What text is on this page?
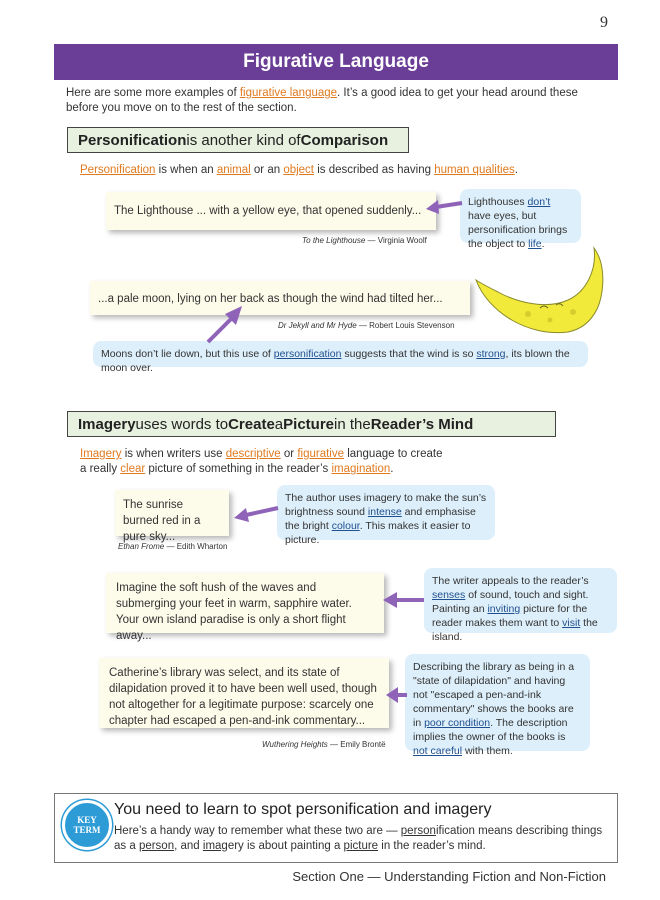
9
Figurative Language
Here are some more examples of figurative language. It’s a good idea to get your head around these before you move on to the rest of the section.
Personification is another kind of Comparison
Personification is when an animal or an object is described as having human qualities.
The Lighthouse ... with a yellow eye, that opened suddenly...
To the Lighthouse — Virginia Woolf
Lighthouses don’t have eyes, but personification brings the object to life.
...a pale moon, lying on her back as though the wind had tilted her...
Dr Jekyll and Mr Hyde — Robert Louis Stevenson
Moons don’t lie down, but this use of personification suggests that the wind is so strong, its blown the moon over.
Imagery uses words to Create a Picture in the Reader’s Mind
Imagery is when writers use descriptive or figurative language to create a really clear picture of something in the reader’s imagination.
The sunrise burned red in a pure sky...
Ethan Frome — Edith Wharton
The author uses imagery to make the sun’s brightness sound intense and emphasise the bright colour. This makes it easier to picture.
Imagine the soft hush of the waves and submerging your feet in warm, sapphire water. Your own island paradise is only a short flight away...
The writer appeals to the reader’s senses of sound, touch and sight. Painting an inviting picture for the reader makes them want to visit the island.
Catherine’s library was select, and its state of dilapidation proved it to have been well used, though not altogether for a legitimate purpose: scarcely one chapter had escaped a pen-and-ink commentary...
Wuthering Heights — Emily Brontë
Describing the library as being in a "state of dilapidation" and having not "escaped a pen-and-ink commentary" shows the books are in poor condition. The description implies the owner of the books is not careful with them.
KEY
TERM
You need to learn to spot personification and imagery
Here’s a handy way to remember what these two are — personification means describing things as a person, and imagery is about painting a picture in the reader’s mind.
Section One — Understanding Fiction and Non-Fiction
